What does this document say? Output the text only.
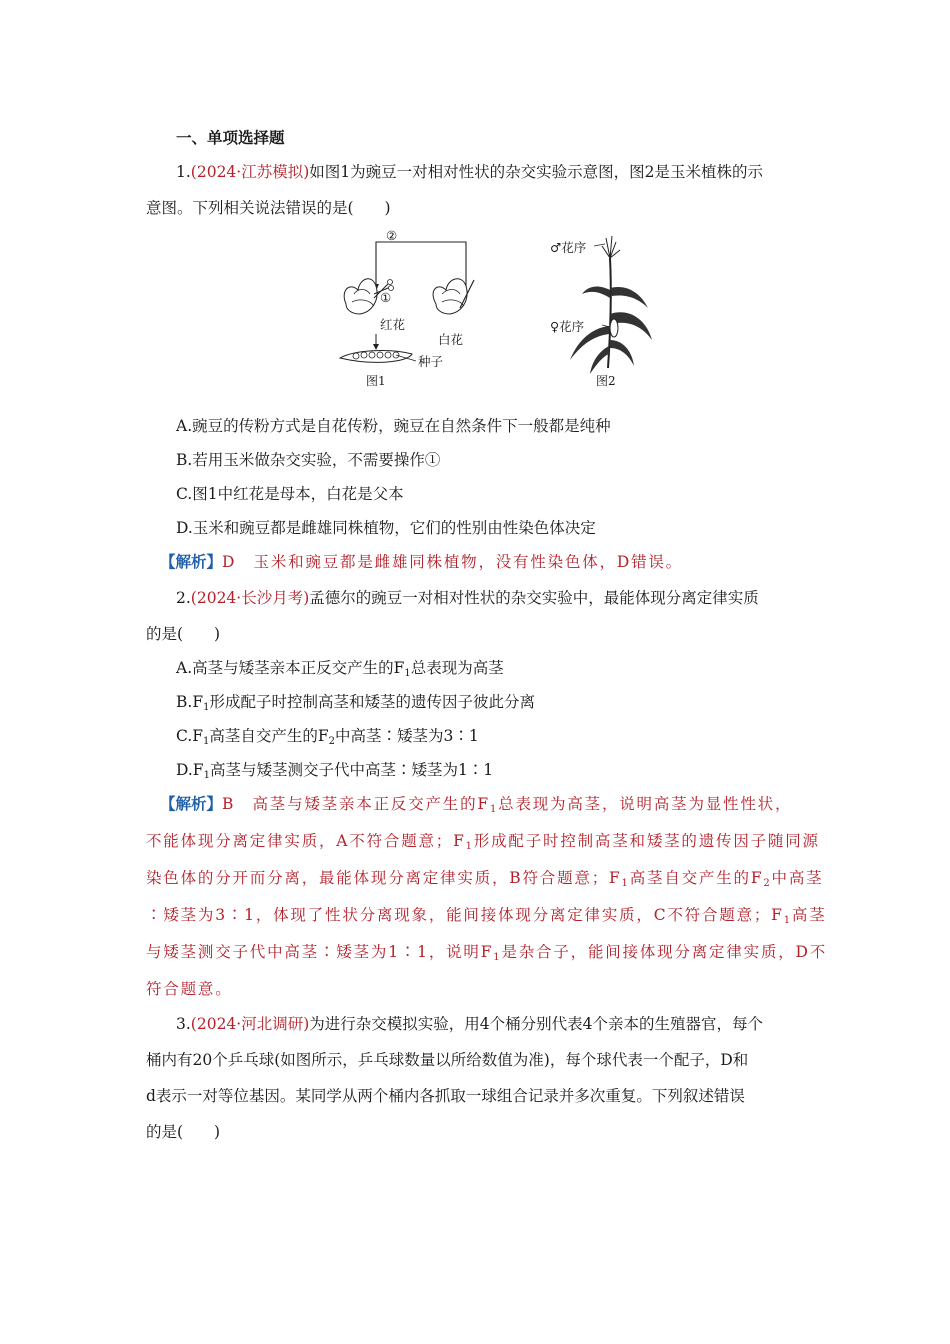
一、单项选择题
1.(2024·江苏模拟)如图1为豌豆一对相对性状的杂交实验示意图，图2是玉米植株的示
意图。下列相关说法错误的是(　　)
②
①
红花
白花
种子
图1
♂花序
♀花序
图2
A.豌豆的传粉方式是自花传粉，豌豆在自然条件下一般都是纯种
B.若用玉米做杂交实验，不需要操作①
C.图1中红花是母本，白花是父本
D.玉米和豌豆都是雌雄同株植物，它们的性别由性染色体决定
【解析】D　玉米和豌豆都是雌雄同株植物，没有性染色体，D错误。
2.(2024·长沙月考)孟德尔的豌豆一对相对性状的杂交实验中，最能体现分离定律实质
的是(　　)
A.高茎与矮茎亲本正反交产生的$F_1$总表现为高茎
$B.F_1$形成配子时控制高茎和矮茎的遗传因子彼此分离
$C.F_1$高茎自交产生的$F_2$中高茎∶矮茎为3∶1
$D.F_1$高茎与矮茎测交子代中高茎∶矮茎为1∶1
【解析】B　高茎与矮茎亲本正反交产生的$F_1$总表现为高茎，说明高茎为显性性状，
不能体现分离定律实质，A不符合题意；$F_1$形成配子时控制高茎和矮茎的遗传因子随同源
染色体的分开而分离，最能体现分离定律实质，B符合题意；$F_1$高茎自交产生的$F_2$中高茎
∶矮茎为3∶1，体现了性状分离现象，能间接体现分离定律实质，C不符合题意；$F_1$高茎
与矮茎测交子代中高茎∶矮茎为1∶1，说明$F_1$是杂合子，能间接体现分离定律实质，D不
符合题意。
3.(2024·河北调研)为进行杂交模拟实验，用4个桶分别代表4个亲本的生殖器官，每个
桶内有20个乒乓球(如图所示，乒乓球数量以所给数值为准)，每个球代表一个配子，D和
d表示一对等位基因。某同学从两个桶内各抓取一球组合记录并多次重复。下列叙述错误
的是(　　)
